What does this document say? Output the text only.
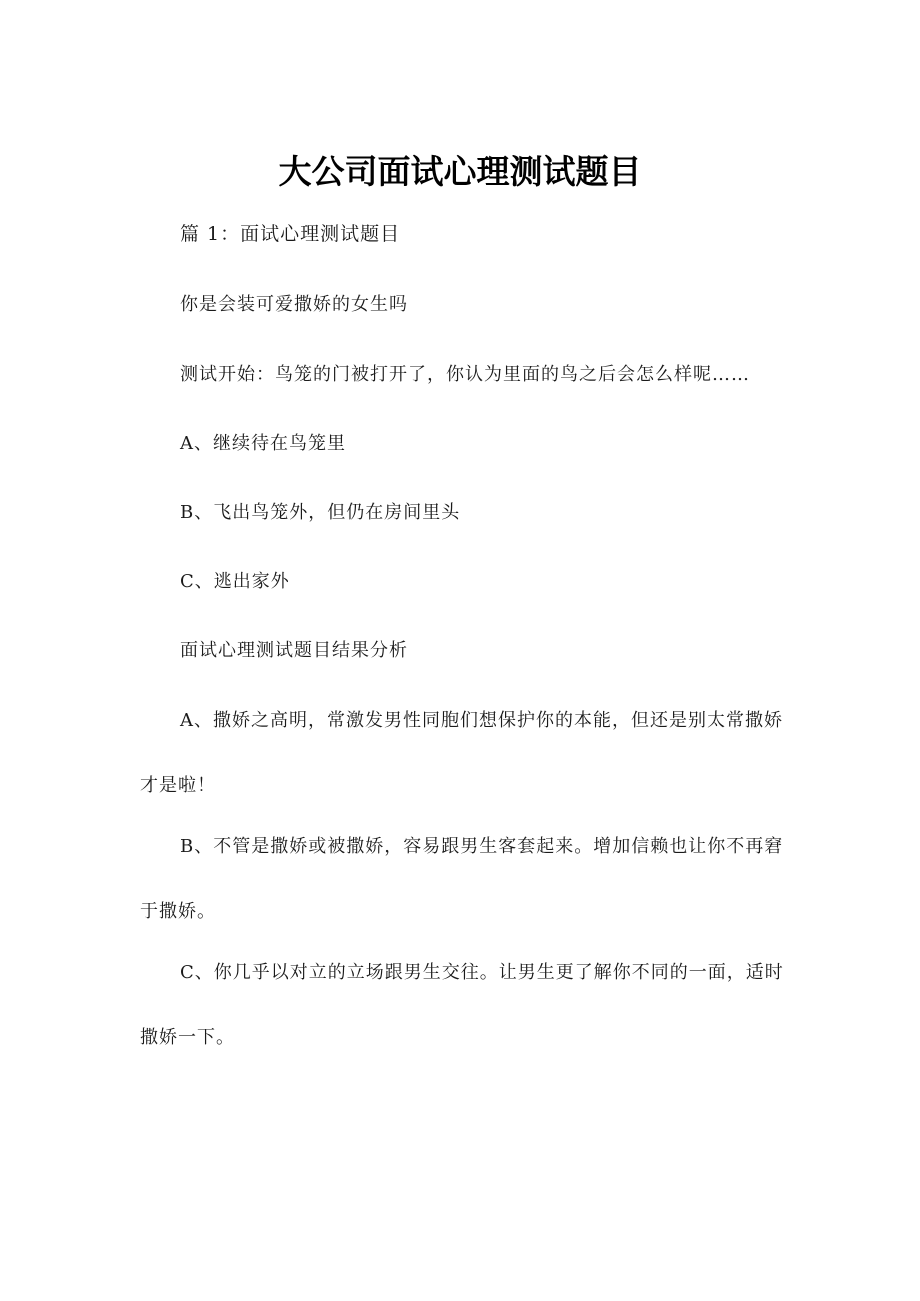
大公司面试心理测试题目
篇 1：面试心理测试题目
你是会装可爱撒娇的女生吗
测试开始：鸟笼的门被打开了，你认为里面的鸟之后会怎么样呢……
A、继续待在鸟笼里
B、飞出鸟笼外，但仍在房间里头
C、逃出家外
面试心理测试题目结果分析
A、撒娇之高明，常激发男性同胞们想保护你的本能，但还是别太常撒娇才是啦！
B、不管是撒娇或被撒娇，容易跟男生客套起来。增加信赖也让你不再窘于撒娇。
C、你几乎以对立的立场跟男生交往。让男生更了解你不同的一面，适时撒娇一下。
